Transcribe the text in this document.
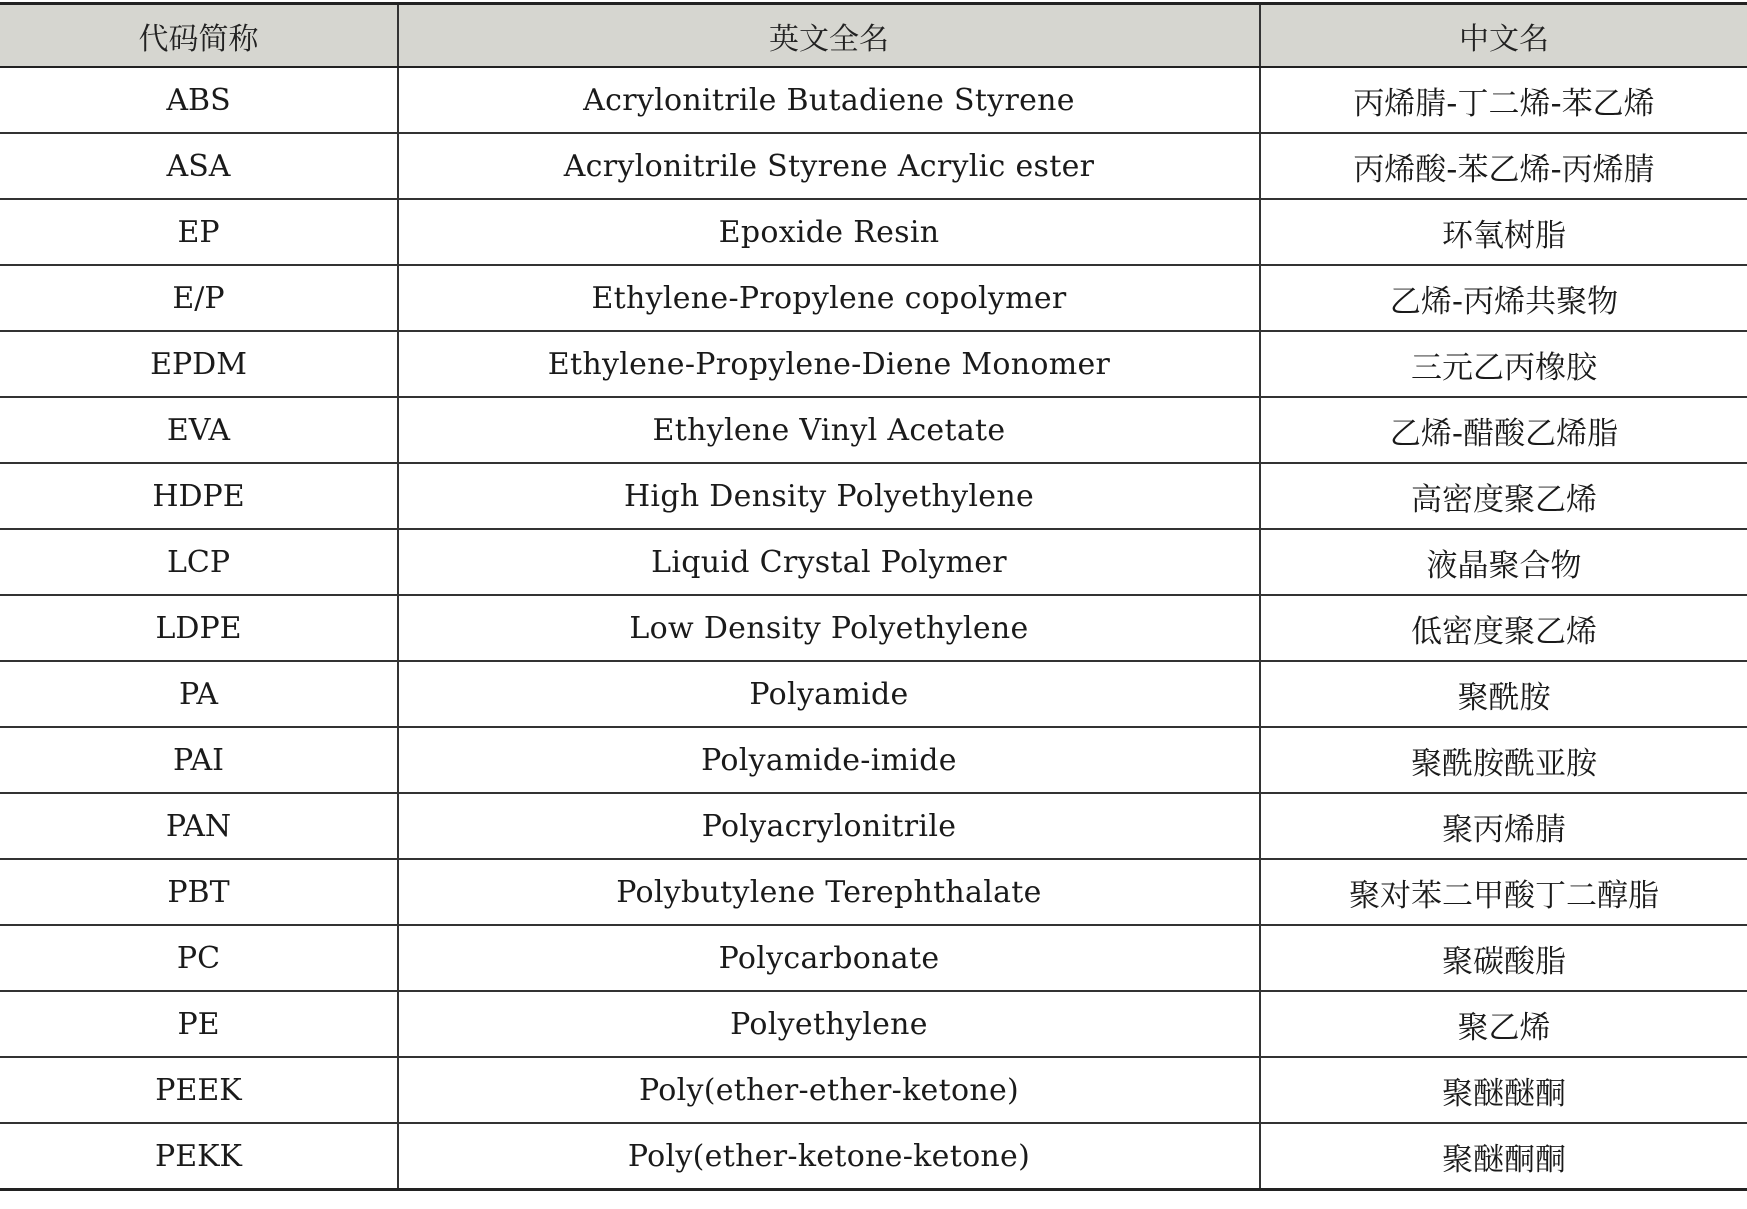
代码简称	英文全名	中文名
ABS	Acrylonitrile Butadiene Styrene	丙烯腈-丁二烯-苯乙烯
ASA	Acrylonitrile Styrene Acrylic ester	丙烯酸-苯乙烯-丙烯腈
EP	Epoxide Resin	环氧树脂
E/P	Ethylene-Propylene copolymer	乙烯-丙烯共聚物
EPDM	Ethylene-Propylene-Diene Monomer	三元乙丙橡胶
EVA	Ethylene Vinyl Acetate	乙烯-醋酸乙烯脂
HDPE	High Density Polyethylene	高密度聚乙烯
LCP	Liquid Crystal Polymer	液晶聚合物
LDPE	Low Density Polyethylene	低密度聚乙烯
PA	Polyamide	聚酰胺
PAI	Polyamide-imide	聚酰胺酰亚胺
PAN	Polyacrylonitrile	聚丙烯腈
PBT	Polybutylene Terephthalate	聚对苯二甲酸丁二醇脂
PC	Polycarbonate	聚碳酸脂
PE	Polyethylene	聚乙烯
PEEK	Poly(ether-ether-ketone)	聚醚醚酮
PEKK	Poly(ether-ketone-ketone)	聚醚酮酮
